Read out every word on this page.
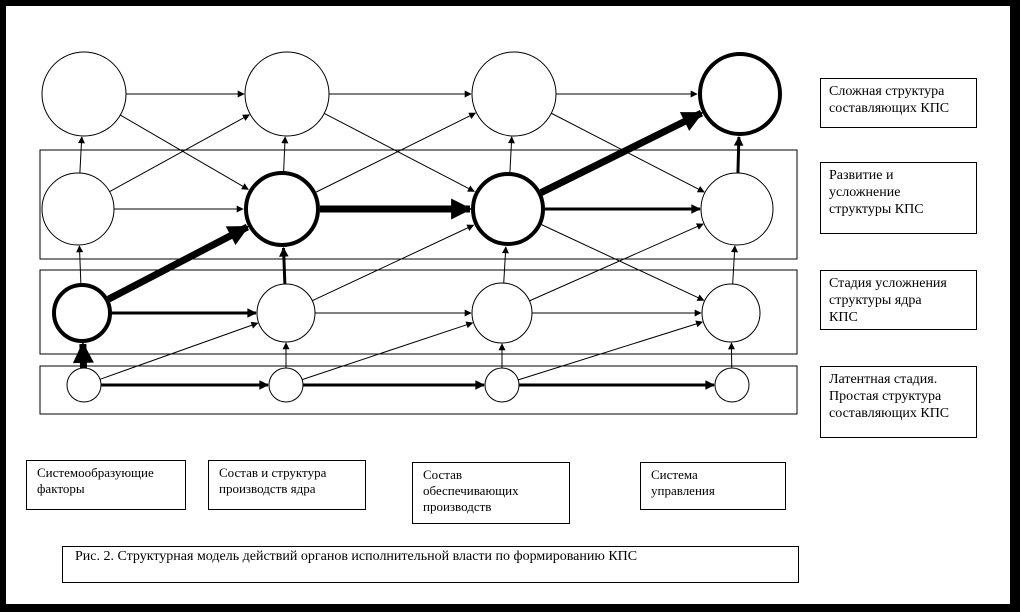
Сложная структура
составляющих КПС
Развитие и
усложнение
структуры КПС
Стадия усложнения
структуры ядра
КПС
Латентная стадия.
Простая структура
составляющих КПС
Системообразующие
факторы
Состав и структура
производств ядра
Состав
обеспечивающих
производств
Система
управления
Рис. 2. Структурная модель действий органов исполнительной власти по формированию КПС
